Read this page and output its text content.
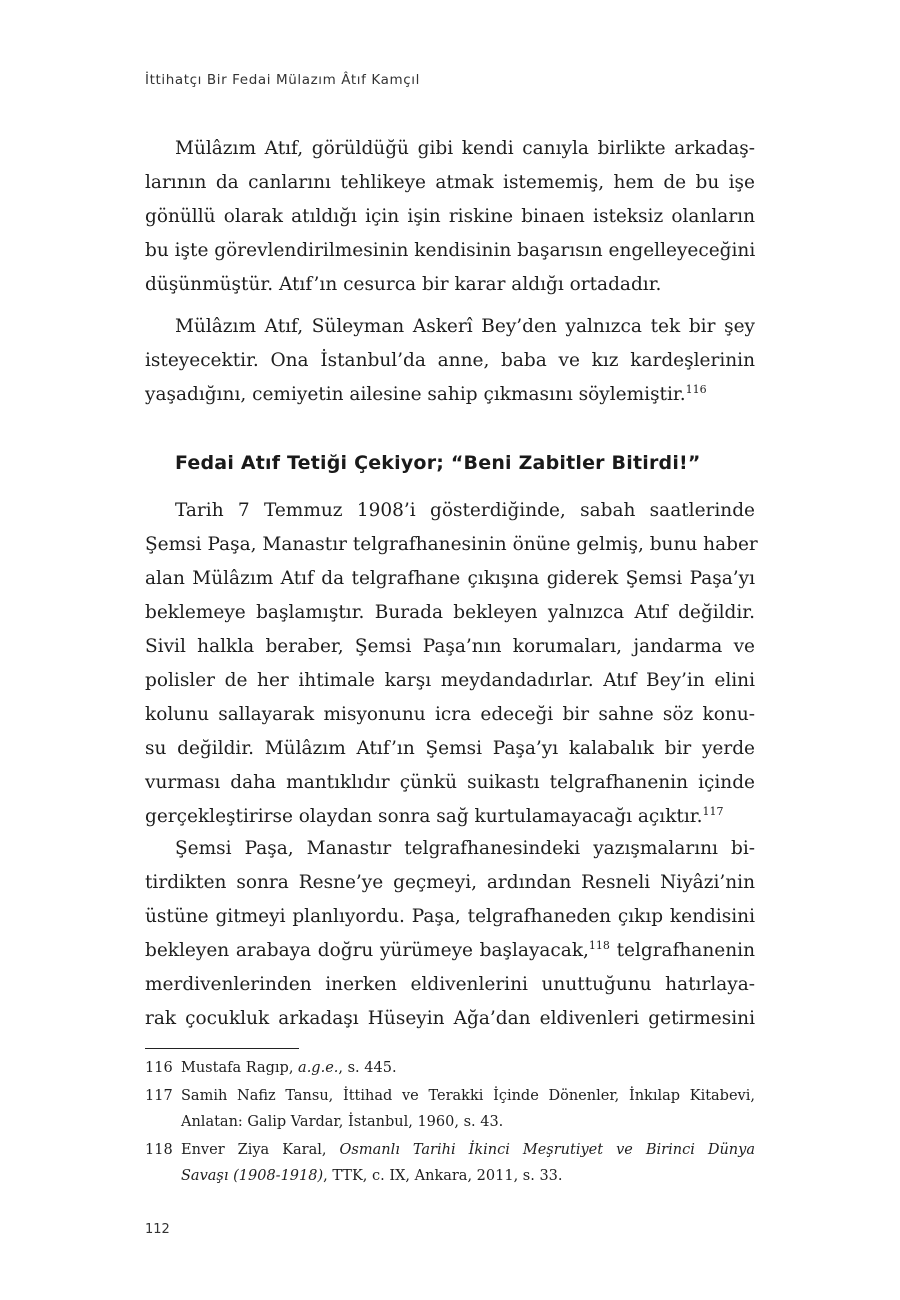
İttihatçı Bir Fedai Mülazım Âtıf Kamçıl

Mülâzım Atıf, görüldüğü gibi kendi canıyla birlikte arkadaş-
larının da canlarını tehlikeye atmak istememiş, hem de bu işe
gönüllü olarak atıldığı için işin riskine binaen isteksiz olanların
bu işte görevlendirilmesinin kendisinin başarısın engelleyeceğini
düşünmüştür. Atıf’ın cesurca bir karar aldığı ortadadır.

Mülâzım Atıf, Süleyman Askerî Bey’den yalnızca tek bir şey
isteyecektir. Ona İstanbul’da anne, baba ve kız kardeşlerinin
yaşadığını, cemiyetin ailesine sahip çıkmasını söylemiştir.$^{116}$

Fedai Atıf Tetiği Çekiyor; “Beni Zabitler Bitirdi!”

Tarih 7 Temmuz 1908’i gösterdiğinde, sabah saatlerinde
Şemsi Paşa, Manastır telgrafhanesinin önüne gelmiş, bunu haber
alan Mülâzım Atıf da telgrafhane çıkışına giderek Şemsi Paşa’yı
beklemeye başlamıştır. Burada bekleyen yalnızca Atıf değildir.
Sivil halkla beraber, Şemsi Paşa’nın korumaları, jandarma ve
polisler de her ihtimale karşı meydandadırlar. Atıf Bey’in elini
kolunu sallayarak misyonunu icra edeceği bir sahne söz konu-
su değildir. Mülâzım Atıf’ın Şemsi Paşa’yı kalabalık bir yerde
vurması daha mantıklıdır çünkü suikastı telgrafhanenin içinde
gerçekleştirirse olaydan sonra sağ kurtulamayacağı açıktır.$^{117}$

Şemsi Paşa, Manastır telgrafhanesindeki yazışmalarını bi-
tirdikten sonra Resne’ye geçmeyi, ardından Resneli Niyâzi’nin
üstüne gitmeyi planlıyordu. Paşa, telgrafhaneden çıkıp kendisini
bekleyen arabaya doğru yürümeye başlayacak,$^{118}$ telgrafhanenin
merdivenlerinden inerken eldivenlerini unuttuğunu hatırlaya-
rak çocukluk arkadaşı Hüseyin Ağa’dan eldivenleri getirmesini

116 Mustafa Ragıp, a.g.e., s. 445.
117 Samih Nafiz Tansu, İttihad ve Terakki İçinde Dönenler, İnkılap Kitabevi,
Anlatan: Galip Vardar, İstanbul, 1960, s. 43.
118 Enver Ziya Karal, Osmanlı Tarihi İkinci Meşrutiyet ve Birinci Dünya
Savaşı (1908-1918), TTK, c. IX, Ankara, 2011, s. 33.
112
